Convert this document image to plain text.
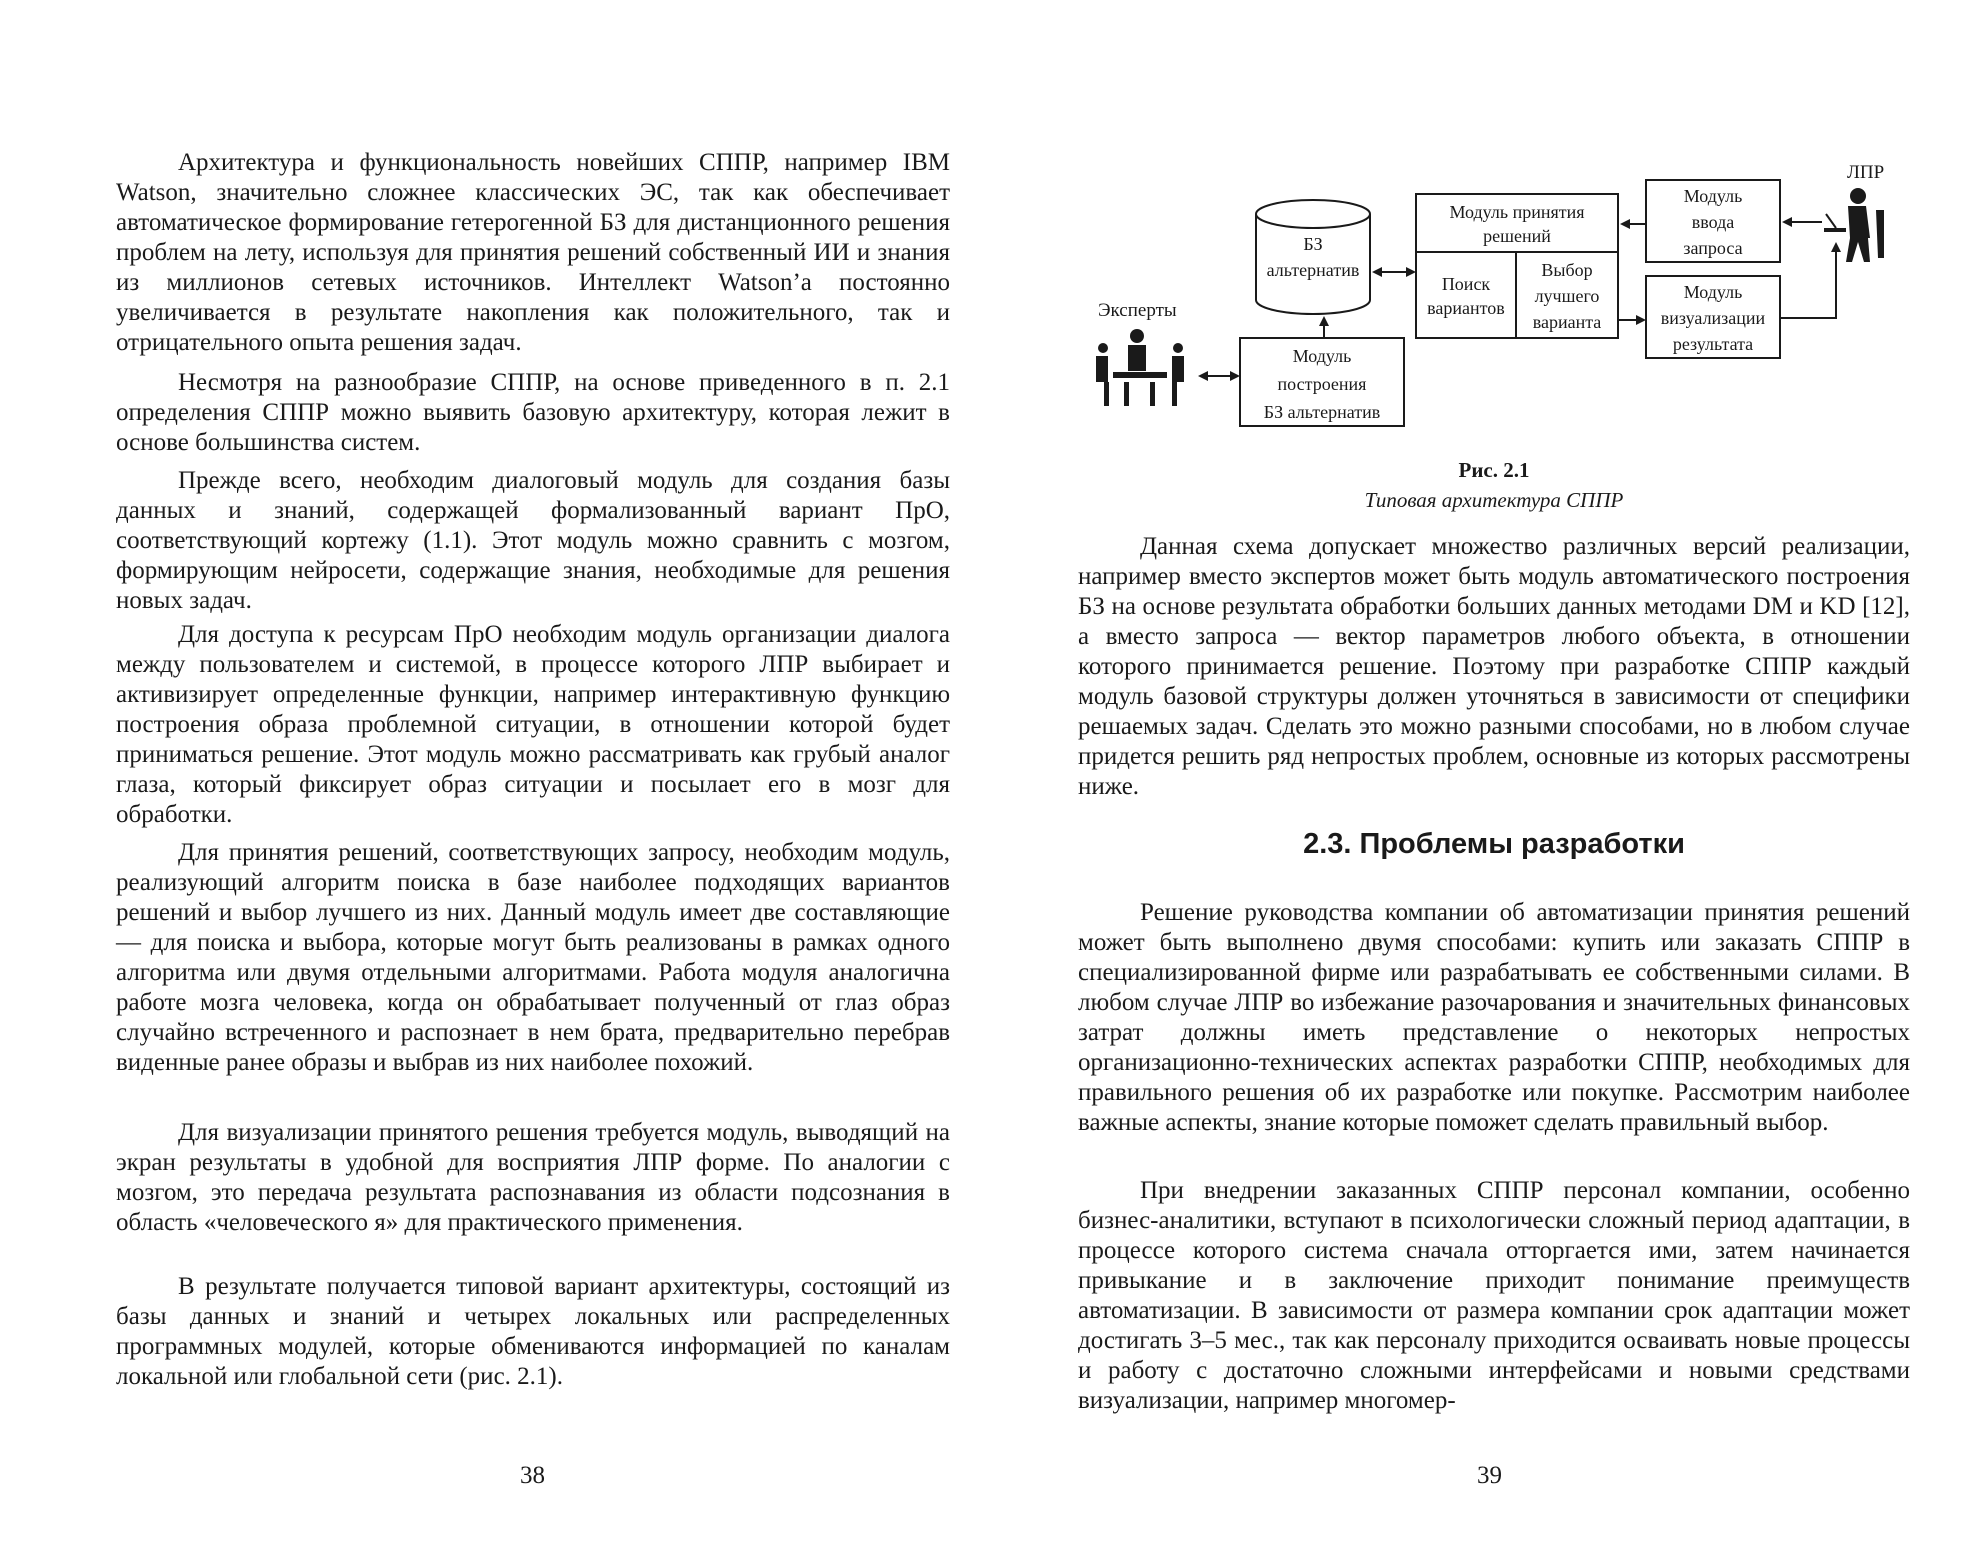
Архитектура и функциональность новейших СППР, например IBM Watson, значительно сложнее классических ЭС, так как обеспечивает автоматическое формирование гетерогенной БЗ для дистанционного решения проблем на лету, используя для принятия решений собственный ИИ и знания из миллионов сетевых источников. Интеллект Watson’а постоянно увеличивается в результате накопления как положительного, так и отрицательного опыта решения задач.

Несмотря на разнообразие СППР, на основе приведенного в п. 2.1 определения СППР можно выявить базовую архитектуру, которая лежит в основе большинства систем.

Прежде всего, необходим диалоговый модуль для создания базы данных и знаний, содержащей формализованный вариант ПрО, соответствующий кортежу (1.1). Этот модуль можно сравнить с мозгом, формирующим нейросети, содержащие знания, необходимые для решения новых задач.

Для доступа к ресурсам ПрО необходим модуль организации диалога между пользователем и системой, в процессе которого ЛПР выбирает и активизирует определенные функции, например интерактивную функцию построения образа проблемной ситуации, в отношении которой будет приниматься решение. Этот модуль можно рассматривать как грубый аналог глаза, который фиксирует образ ситуации и посылает его в мозг для обработки.

Для принятия решений, соответствующих запросу, необходим модуль, реализующий алгоритм поиска в базе наиболее подходящих вариантов решений и выбор лучшего из них. Данный модуль имеет две составляющие — для поиска и выбора, которые могут быть реализованы в рамках одного алгоритма или двумя отдельными алгоритмами. Работа модуля аналогична работе мозга человека, когда он обрабатывает полученный от глаз образ случайно встреченного и распознает в нем брата, предварительно перебрав виденные ранее образы и выбрав из них наиболее похожий.

Для визуализации принятого решения требуется модуль, выводящий на экран результаты в удобной для восприятия ЛПР форме. По аналогии с мозгом, это передача результата распознавания из области подсознания в область «человеческого я» для практического применения.

В результате получается типовой вариант архитектуры, состоящий из базы данных и знаний и четырех локальных или распределенных программных модулей, которые обмениваются информацией по каналам локальной или глобальной сети (рис. 2.1).

38
ЛПР
Эксперты
БЗ
альтернатив
Модуль принятия
решений
Поиск
вариантов
Выбор
лучшего
варианта
Модуль
ввода
запроса
Модуль
визуализации
результата
Модуль
построения
БЗ альтернатив

Рис. 2.1

Типовая архитектура СППР

Данная схема допускает множество различных версий реализации, например вместо экспертов может быть модуль автоматического построения БЗ на основе результата обработки больших данных методами DM и KD [12], а вместо запроса — вектор параметров любого объекта, в отношении которого принимается решение. Поэтому при разработке СППР каждый модуль базовой структуры должен уточняться в зависимости от специфики решаемых задач. Сделать это можно разными способами, но в любом случае придется решить ряд непростых проблем, основные из которых рассмотрены ниже.

2.3. Проблемы разработки

Решение руководства компании об автоматизации принятия решений может быть выполнено двумя способами: купить или заказать СППР в специализированной фирме или разрабатывать ее собственными силами. В любом случае ЛПР во избежание разочарования и значительных финансовых затрат должны иметь представление о некоторых непростых организационно-технических аспектах разработки СППР, необходимых для правильного решения об их разработке или покупке. Рассмотрим наиболее важные аспекты, знание которые поможет сделать правильный выбор.

При внедрении заказанных СППР персонал компании, особенно бизнес-аналитики, вступают в психологически сложный период адаптации, в процессе которого система сначала отторгается ими, затем начинается привыкание и в заключение приходит понимание преимуществ автоматизации. В зависимости от размера компании срок адаптации может достигать 3–5 мес., так как персоналу приходится осваивать новые процессы и работу с достаточно сложными интерфейсами и новыми средствами визуализации, например многомер-

39
